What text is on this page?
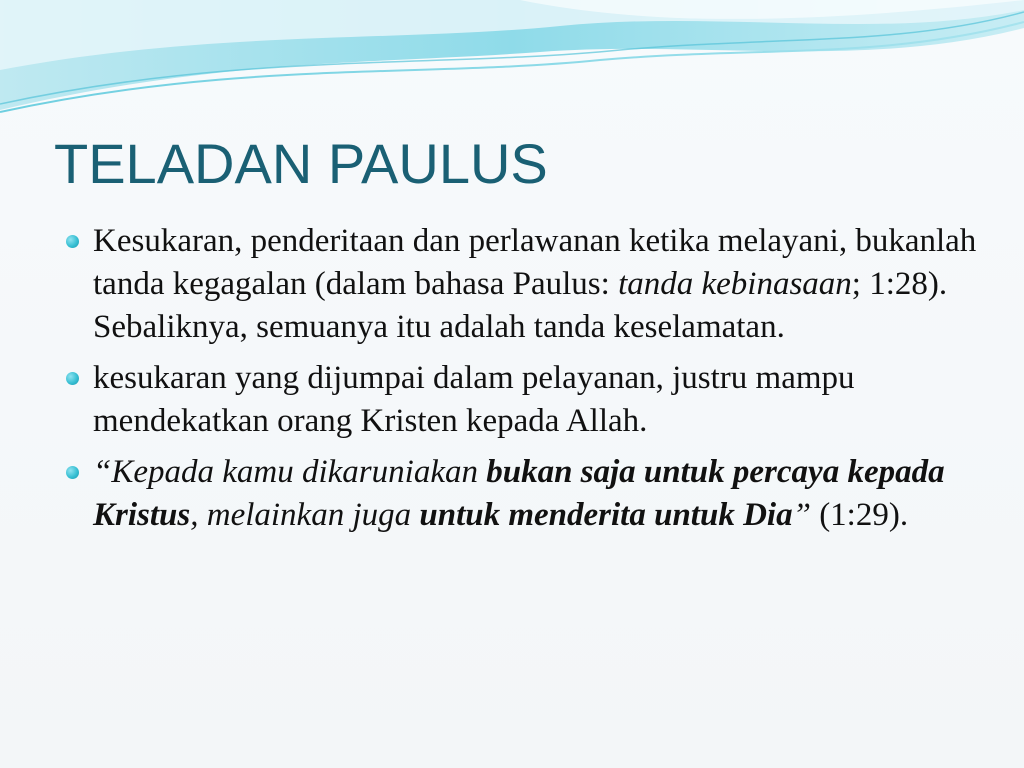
TELADAN PAULUS
Kesukaran, penderitaan dan perlawanan ketika melayani, bukanlah tanda kegagalan (dalam bahasa Paulus: tanda kebinasaan; 1:28). Sebaliknya, semuanya itu adalah tanda keselamatan.
kesukaran yang dijumpai dalam pelayanan, justru mampu mendekatkan orang Kristen kepada Allah.
“Kepada kamu dikaruniakan bukan saja untuk percaya kepada Kristus, melainkan juga untuk menderita untuk Dia” (1:29).
